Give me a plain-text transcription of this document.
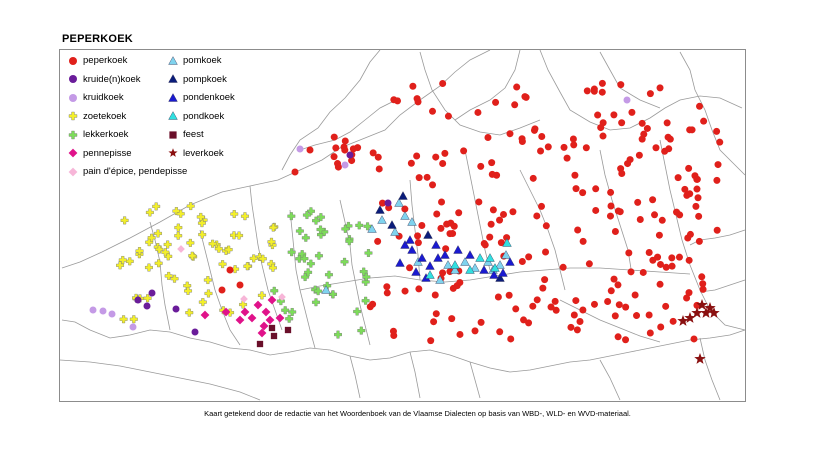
PEPERKOEK
peperkoek
kruide(n)koek
kruidkoek
zoetekoek
lekkerkoek
pennepisse
pain d'épice, pendepisse
pomkoek
pompkoek
pondenkoek
pondkoek
feest
leverkoek
Kaart getekend door de redactie van het Woordenboek van de Vlaamse Dialecten op basis van WBD-, WLD- en WVD-materiaal.
